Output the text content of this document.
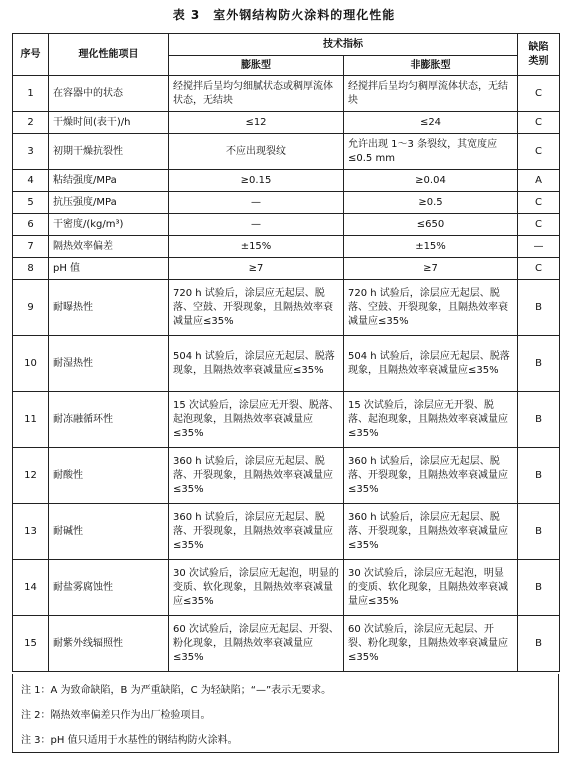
表 3　室外钢结构防火涂料的理化性能
序号	理化性能项目	技术指标		缺陷
类别

		膨胀型	非膨胀型	
1	在容器中的状态	经搅拌后呈均匀细腻状态或稠厚流体状态，无结块	经搅拌后呈均匀稠厚流体状态，无结块	C
2	干燥时间(表干)/h	≤12	≤24	C
3	初期干燥抗裂性	不应出现裂纹	允许出现 1～3 条裂纹，其宽度应≤0.5 mm	C
4	粘结强度/MPa	≥0.15	≥0.04	A
5	抗压强度/MPa	—	≥0.5	C
6	干密度/(kg/m³)	—	≤650	C
7	隔热效率偏差	±15%	±15%	—
8	pH 值	≥7	≥7	C
9	耐曝热性	720 h 试验后，涂层应无起层、脱落、空鼓、开裂现象，且隔热效率衰减量应≤35%	720 h 试验后，涂层应无起层、脱落、空鼓、开裂现象，且隔热效率衰减量应≤35%	B
10	耐湿热性	504 h 试验后，涂层应无起层、脱落现象，且隔热效率衰减量应≤35%	504 h 试验后，涂层应无起层、脱落现象，且隔热效率衰减量应≤35%	B
11	耐冻融循环性	15 次试验后，涂层应无开裂、脱落、起泡现象，且隔热效率衰减量应≤35%	15 次试验后，涂层应无开裂、脱落、起泡现象，且隔热效率衰减量应≤35%	B
12	耐酸性	360 h 试验后，涂层应无起层、脱落、开裂现象，且隔热效率衰减量应≤35%	360 h 试验后，涂层应无起层、脱落、开裂现象，且隔热效率衰减量应≤35%	B
13	耐碱性	360 h 试验后，涂层应无起层、脱落、开裂现象，且隔热效率衰减量应≤35%	360 h 试验后，涂层应无起层、脱落、开裂现象，且隔热效率衰减量应≤35%	B
14	耐盐雾腐蚀性	30 次试验后，涂层应无起泡，明显的变质、软化现象，且隔热效率衰减量应≤35%	30 次试验后，涂层应无起泡，明显的变质、软化现象，且隔热效率衰减量应≤35%	B
15	耐紫外线辐照性	60 次试验后，涂层应无起层、开裂、粉化现象，且隔热效率衰减量应≤35%	60 次试验后，涂层应无起层、开裂、粉化现象，且隔热效率衰减量应≤35%	B
注 1：A 为致命缺陷，B 为严重缺陷，C 为轻缺陷；“—”表示无要求。
注 2：隔热效率偏差只作为出厂检验项目。
注 3：pH 值只适用于水基性的钢结构防火涂料。
